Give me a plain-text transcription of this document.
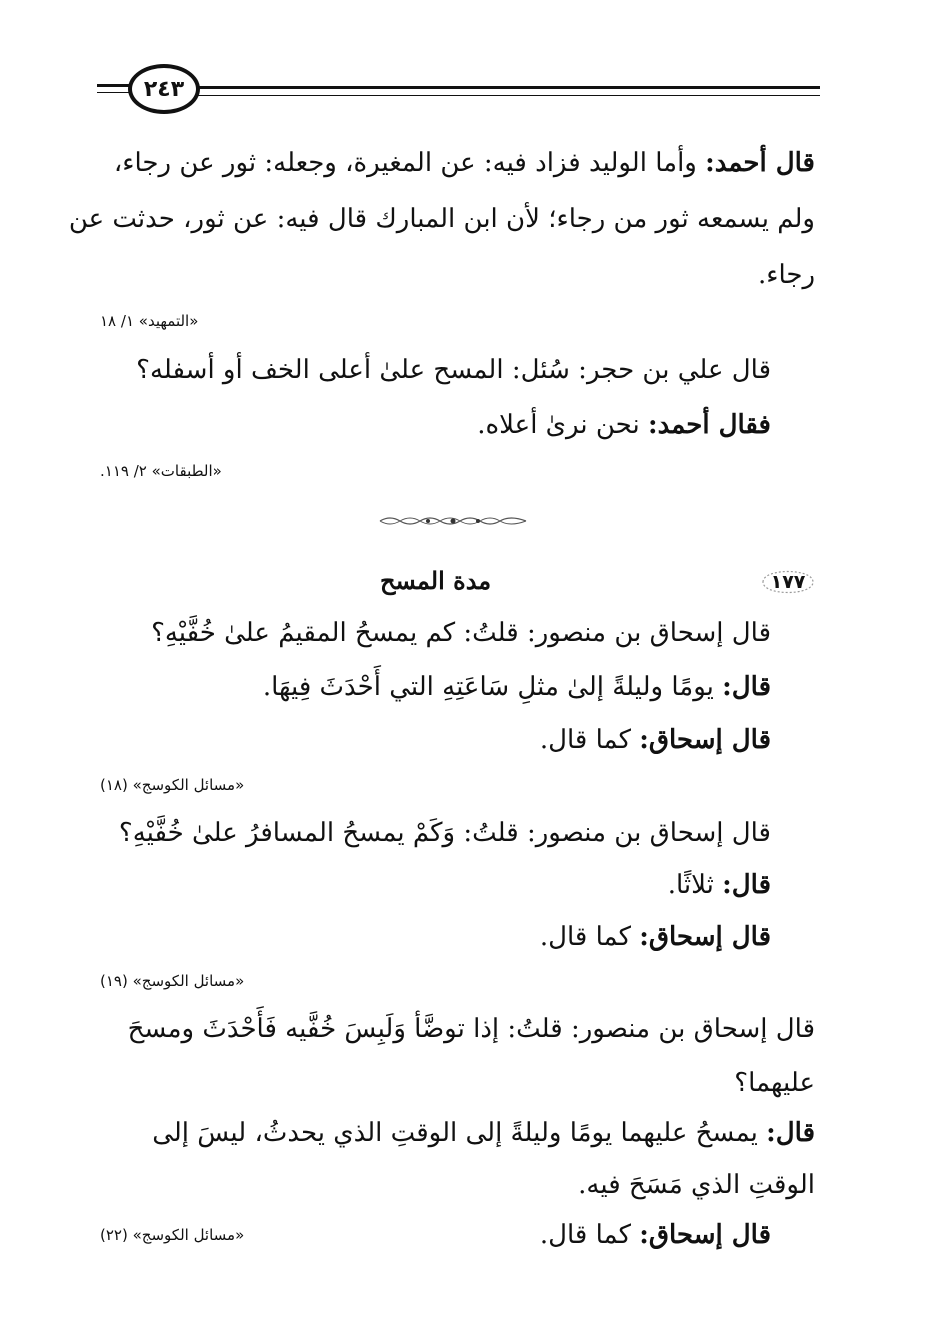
٢٤٣
قال أحمد: وأما الوليد فزاد فيه: عن المغيرة، وجعله: ثور عن رجاء،
ولم يسمعه ثور من رجاء؛ لأن ابن المبارك قال فيه: عن ثور، حدثت عن
رجاء.
«التمهيد» ١/ ١٨
قال علي بن حجر: سُئل: المسح علىٰ أعلى الخف أو أسفله؟
فقال أحمد: نحن نرىٰ أعلاه.
«الطبقات» ٢/ ١١٩.
١٧٧
مدة المسح
قال إسحاق بن منصور: قلتُ: كم يمسحُ المقيمُ علىٰ خُفَّيْهِ؟
قال: يومًا وليلةً إلىٰ مثلِ سَاعَتِهِ التي أَحْدَثَ فِيهَا.
قال إسحاق: كما قال.
«مسائل الكوسج» (١٨)
قال إسحاق بن منصور: قلتُ: وَكَمْ يمسحُ المسافرُ علىٰ خُفَّيْهِ؟
قال: ثلاثًا.
قال إسحاق: كما قال.
«مسائل الكوسج» (١٩)
قال إسحاق بن منصور: قلتُ: إذا توضَّأ وَلَبِسَ خُفَّيه فَأَحْدَثَ ومسحَ
عليهما؟
قال: يمسحُ عليهما يومًا وليلةً إلى الوقتِ الذي يحدثُ، ليسَ إلى
الوقتِ الذي مَسَحَ فيه.
قال إسحاق: كما قال.
«مسائل الكوسج» (٢٢)
